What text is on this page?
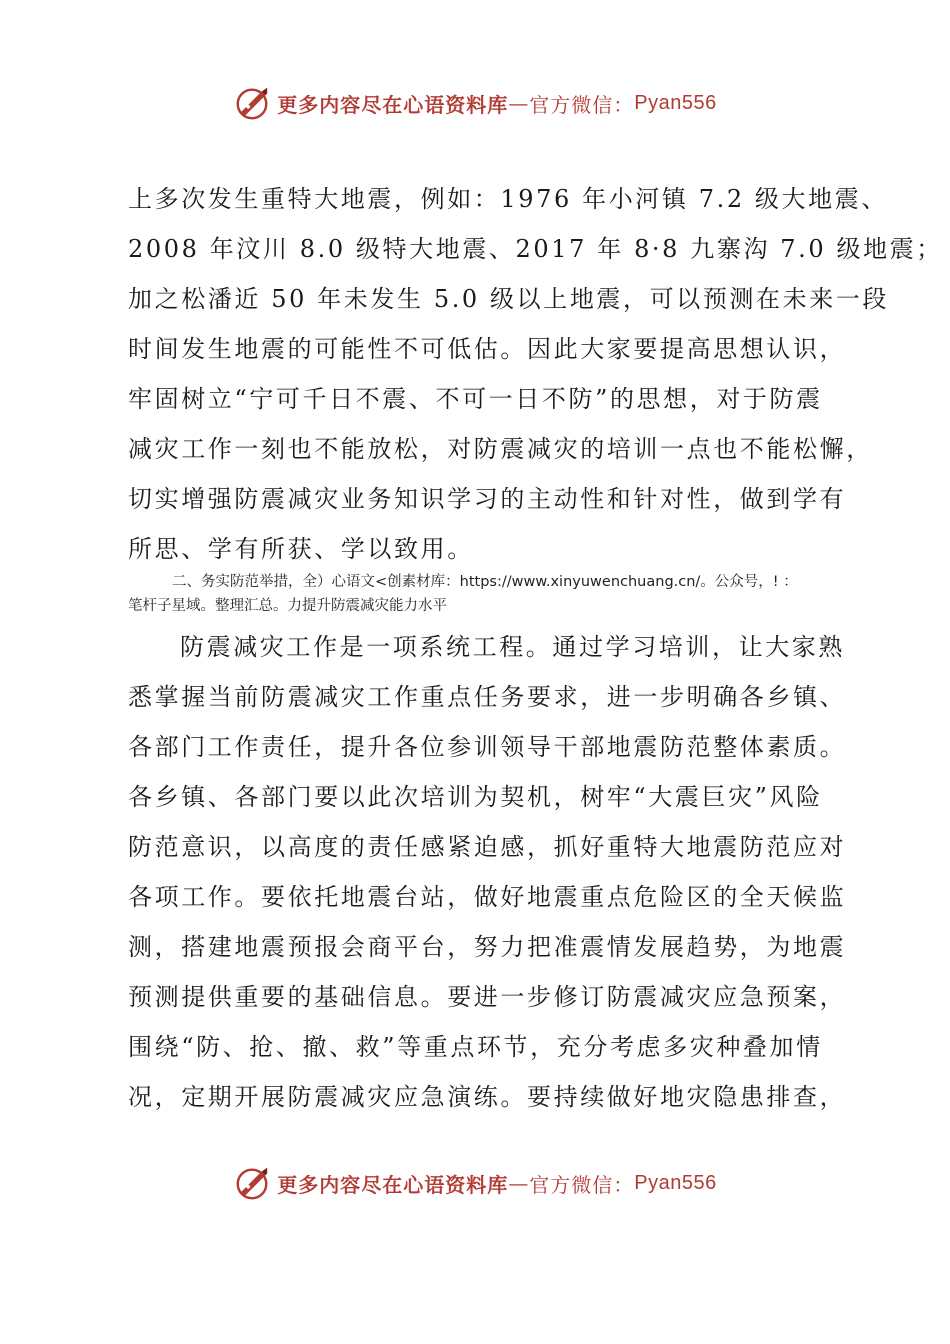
更多内容尽在心语资料库 — 官方微信： Pyan556
上多次发生重特大地震，例如：1976 年小河镇 7.2 级大地震、
2008 年汶川 8.0 级特大地震、2017 年 8·8 九寨沟 7.0 级地震；
加之松潘近 50 年未发生 5.0 级以上地震，可以预测在未来一段
时间发生地震的可能性不可低估。因此大家要提高思想认识，
牢固树立“宁可千日不震、不可一日不防”的思想，对于防震
减灾工作一刻也不能放松，对防震减灾的培训一点也不能松懈，
切实增强防震减灾业务知识学习的主动性和针对性，做到学有
所思、学有所获、学以致用。
二、务实防范举措，全）心语文<创素材库：https://www.xinyuwenchuang.cn/。公众号，! ：
笔杆子星域。整理汇总。力提升防震减灾能力水平
防震减灾工作是一项系统工程。通过学习培训，让大家熟
悉掌握当前防震减灾工作重点任务要求，进一步明确各乡镇、
各部门工作责任，提升各位参训领导干部地震防范整体素质。
各乡镇、各部门要以此次培训为契机，树牢“大震巨灾”风险
防范意识，以高度的责任感紧迫感，抓好重特大地震防范应对
各项工作。要依托地震台站，做好地震重点危险区的全天候监
测，搭建地震预报会商平台，努力把准震情发展趋势，为地震
预测提供重要的基础信息。要进一步修订防震减灾应急预案，
围绕“防、抢、撤、救”等重点环节，充分考虑多灾种叠加情
况，定期开展防震减灾应急演练。要持续做好地灾隐患排查，
更多内容尽在心语资料库 — 官方微信： Pyan556
